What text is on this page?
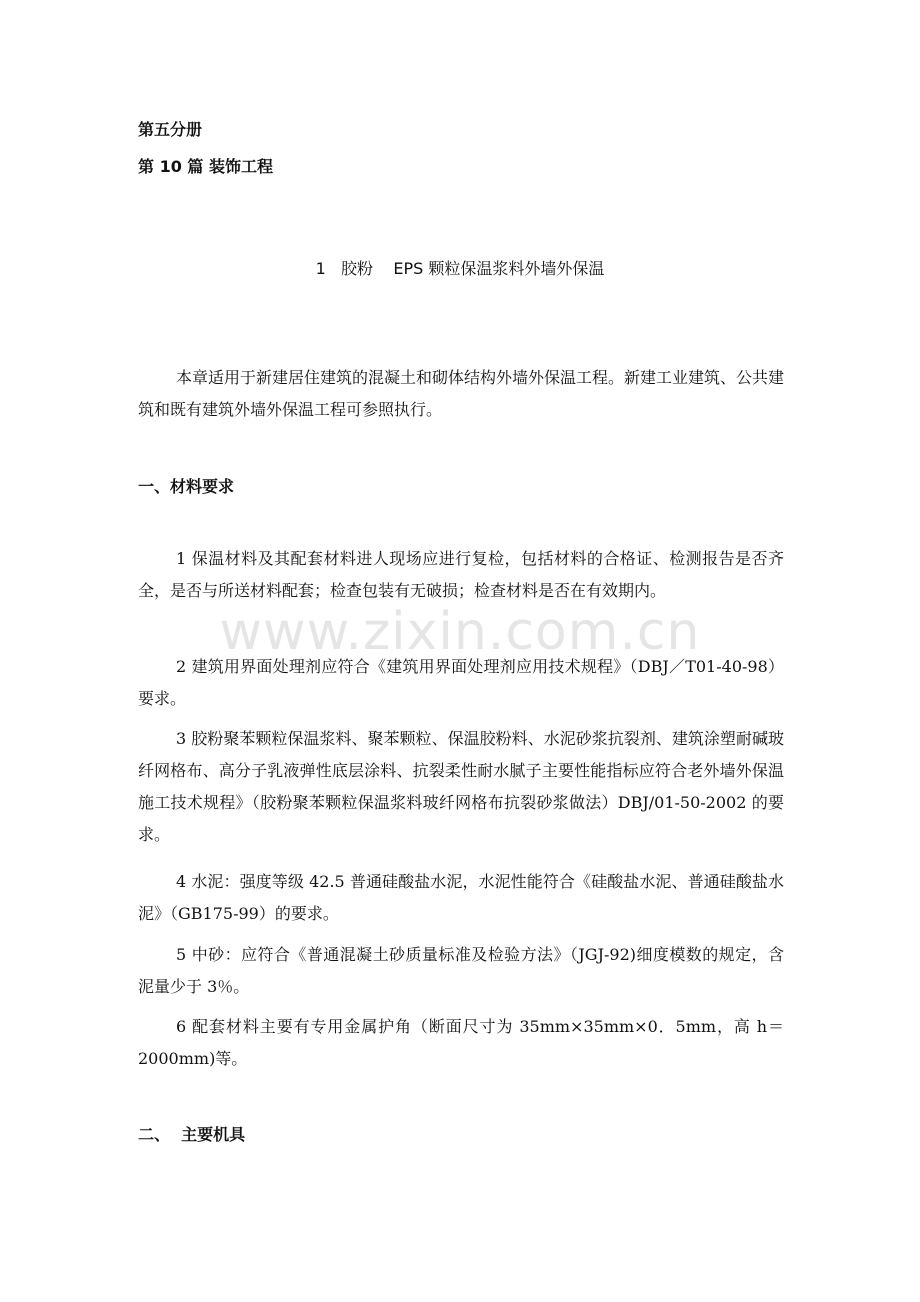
第五分册
第 10 篇 装饰工程
1   胶粉    EPS 颗粒保温浆料外墙外保温

本章适用于新建居住建筑的混凝土和砌体结构外墙外保温工程。新建工业建筑、公共建筑和既有建筑外墙外保温工程可参照执行。

一、材料要求

1 保温材料及其配套材料进人现场应进行复检，包括材料的合格证、检测报告是否齐全，是否与所送材料配套；检查包装有无破损；检查材料是否在有效期内。

2 建筑用界面处理剂应符合《建筑用界面处理剂应用技术规程》（DBJ／T01-40-98）要求。

3 胶粉聚苯颗粒保温浆料、聚苯颗粒、保温胶粉料、水泥砂浆抗裂剂、建筑涂塑耐碱玻纤网格布、高分子乳液弹性底层涂料、抗裂柔性耐水腻子主要性能指标应符合老外墙外保温施工技术规程》（胶粉聚苯颗粒保温浆料玻纤网格布抗裂砂浆做法）DBJ/01-50-2002 的要求。

4 水泥：强度等级 42.5 普通硅酸盐水泥，水泥性能符合《硅酸盐水泥、普通硅酸盐水泥》（GB175-99）的要求。

5 中砂：应符合《普通混凝土砂质量标准及检验方法》（JGJ-92)细度模数的规定，含泥量少于 3％。

6 配套材料主要有专用金属护角（断面尺寸为 35mm×35mm×0．5mm，高 h＝2000mm)等。

二、  主要机具
www.zixin.com.cn
